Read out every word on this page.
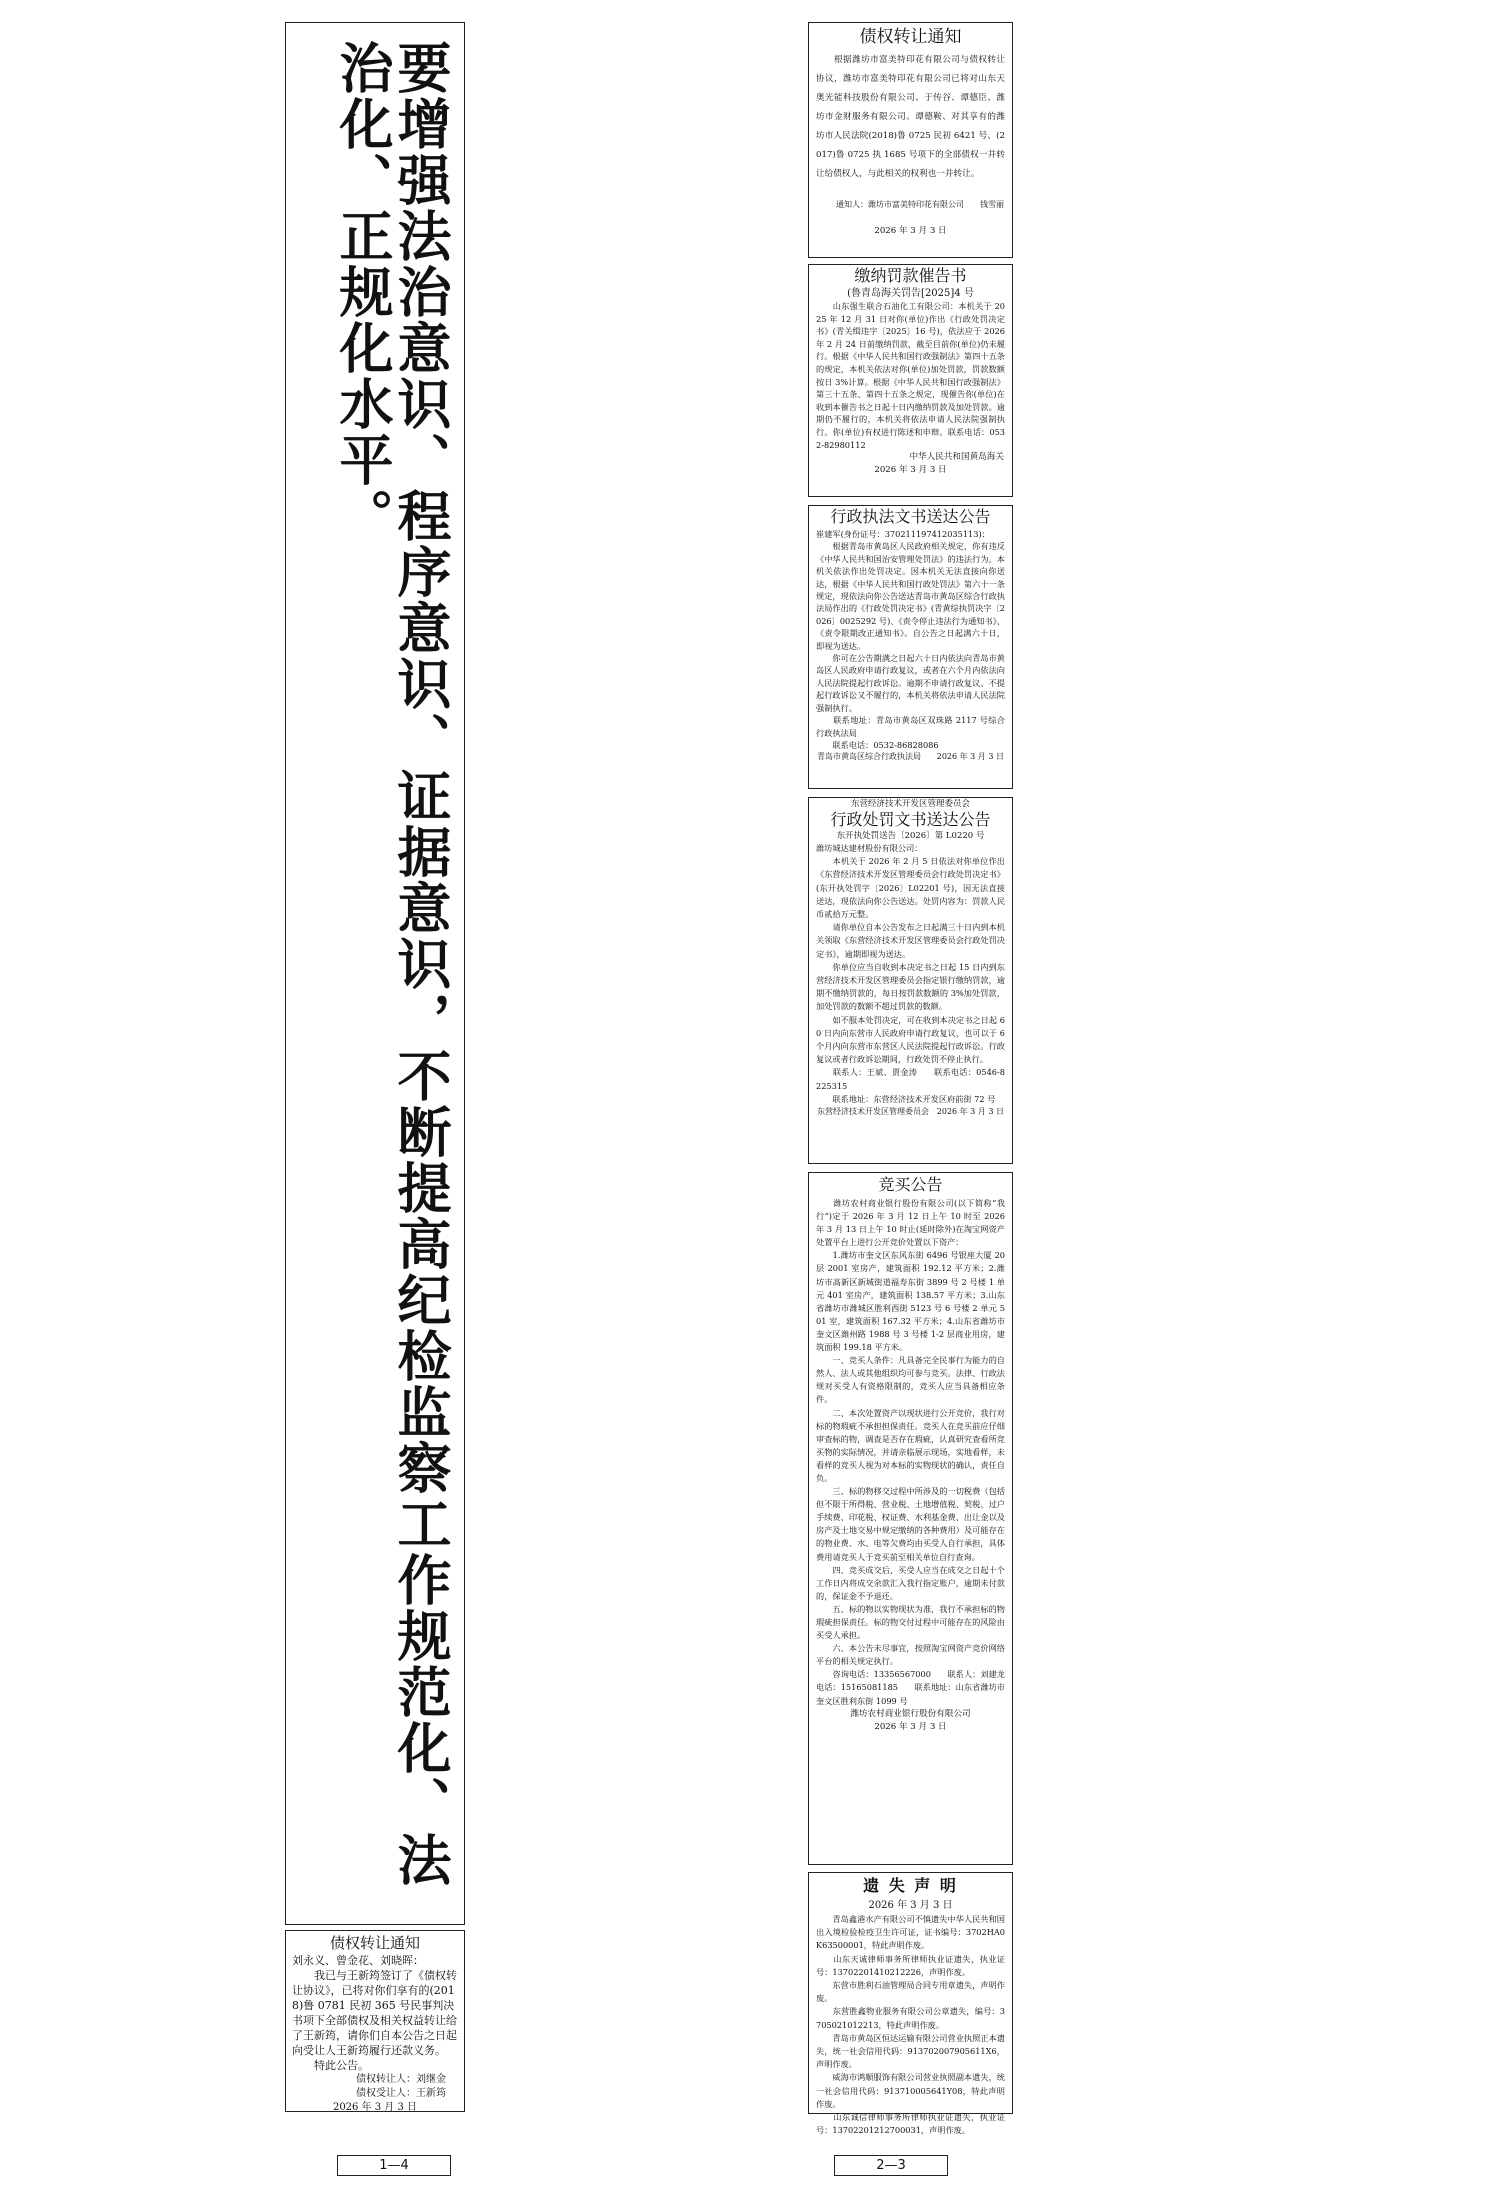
要增强法治意识、程序意识、证据意识，不断提高纪检监察工作规范化、法治化、正规化水平。
债权转让通知
刘永义、曾金花、刘晓晖：
　　我已与王新筠签订了《债权转让协议》，已将对你们享有的(2018)鲁 0781 民初 365 号民事判决书项下全部债权及相关权益转让给了王新筠，请你们自本公告之日起向受让人王新筠履行还款义务。
　　特此公告。
债权转让人：刘继金
债权受让人：王新筠
2026 年 3 月 3 日
债权转让通知
　　根据潍坊市富美特印花有限公司与债权转让协议，潍坊市富美特印花有限公司已将对山东天奥光能科技股份有限公司、于传谷、谭德臣、潍坊市金财服务有限公司、谭德鞍、对其享有的潍坊市人民法院(2018)鲁 0725 民初 6421 号、(2017)鲁 0725 执 1685 号项下的全部债权一并转让给债权人，与此相关的权利也一并转让。
通知人：潍坊市富美特印花有限公司　　钱雪丽
2026 年 3 月 3 日
缴纳罚款催告书
(鲁青岛海关罚告[2025]4 号
　　山东强生联合石油化工有限公司：本机关于 2025 年 12 月 31 日对你(单位)作出《行政处罚决定书》(青关缉违字〔2025〕16 号)，依法应于 2026 年 2 月 24 日前缴纳罚款，截至目前你(单位)仍未履行。根据《中华人民共和国行政强制法》第四十五条的规定，本机关依法对你(单位)加处罚款，罚款数额按日 3%计算。根据《中华人民共和国行政强制法》第三十五条、第四十五条之规定，现催告你(单位)在收到本催告书之日起十日内缴纳罚款及加处罚款。逾期仍不履行的，本机关将依法申请人民法院强制执行。你(单位)有权进行陈述和申辩。联系电话：0532-82980112
中华人民共和国黄岛海关
2026 年 3 月 3 日
行政执法文书送达公告
崔建军(身份证号：370211197412035113)：
　　根据青岛市黄岛区人民政府相关规定，你有违反《中华人民共和国治安管理处罚法》的违法行为，本机关依法作出处罚决定。因本机关无法直接向你送达，根据《中华人民共和国行政处罚法》第六十一条规定，现依法向你公告送达青岛市黄岛区综合行政执法局作出的《行政处罚决定书》(青黄综执罚决字〔2026〕0025292 号)、《责令停止违法行为通知书》、《责令限期改正通知书》。自公告之日起满六十日，即视为送达。
　　你可在公告期满之日起六十日内依法向青岛市黄岛区人民政府申请行政复议，或者在六个月内依法向人民法院提起行政诉讼。逾期不申请行政复议、不提起行政诉讼又不履行的，本机关将依法申请人民法院强制执行。
　　联系地址：青岛市黄岛区双珠路 2117 号综合行政执法局
　　联系电话：0532-86828086
青岛市黄岛区综合行政执法局 2026 年 3 月 3 日
东营经济技术开发区管理委员会
行政处罚文书送达公告
东开执处罚送告〔2026〕第 L0220 号
潍坊城达建材股份有限公司：
　　本机关于 2026 年 2 月 5 日依法对你单位作出《东营经济技术开发区管理委员会行政处罚决定书》(东开执处罚字〔2026〕L02201 号)，因无法直接送达，现依法向你公告送达。处罚内容为：罚款人民币贰拾万元整。
　　请你单位自本公告发布之日起满三十日内到本机关领取《东营经济技术开发区管理委员会行政处罚决定书》，逾期即视为送达。
　　你单位应当自收到本决定书之日起 15 日内到东营经济技术开发区管理委员会指定银行缴纳罚款，逾期不缴纳罚款的，每日按罚款数额的 3%加处罚款，加处罚款的数额不超过罚款的数额。
　　如不服本处罚决定，可在收到本决定书之日起 60 日内向东营市人民政府申请行政复议，也可以于 6 个月内向东营市东营区人民法院提起行政诉讼。行政复议或者行政诉讼期间，行政处罚不停止执行。
　　联系人：王斌、贾金涛　　联系电话：0546-8225315
　　联系地址：东营经济技术开发区府前街 72 号
东营经济技术开发区管理委员会 2026 年 3 月 3 日
竞买公告
　　潍坊农村商业银行股份有限公司(以下简称“我行”)定于 2026 年 3 月 12 日上午 10 时至 2026 年 3 月 13 日上午 10 时止(延时除外)在淘宝网资产处置平台上进行公开竞价处置以下资产：
　　1.潍坊市奎文区东风东街 6496 号银座大厦 20 层 2001 室房产，建筑面积 192.12 平方米；2.潍坊市高新区新城街道福寿东街 3899 号 2 号楼 1 单元 401 室房产，建筑面积 138.57 平方米；3.山东省潍坊市潍城区胜利西街 5123 号 6 号楼 2 单元 501 室，建筑面积 167.32 平方米；4.山东省潍坊市奎文区潍州路 1988 号 3 号楼 1-2 层商业用房，建筑面积 199.18 平方米。
　　一、竞买人条件：凡具备完全民事行为能力的自然人、法人或其他组织均可参与竞买。法律、行政法规对买受人有资格限制的，竞买人应当具备相应条件。
　　二、本次处置资产以现状进行公开竞价，我行对标的物瑕疵不承担担保责任。竞买人在竞买前应仔细审查标的物，调查是否存在瑕疵，认真研究查看所竞买物的实际情况，并请亲临展示现场，实地看样，未看样的竞买人视为对本标的实物现状的确认，责任自负。
　　三、标的物移交过程中所涉及的一切税费（包括但不限于所得税、营业税、土地增值税、契税、过户手续费、印花税、权证费、水利基金费、出让金以及房产及土地交易中规定缴纳的各种费用）及可能存在的物业费、水、电等欠费均由买受人自行承担，具体费用请竞买人于竞买前至相关单位自行查询。
　　四、竞买成交后，买受人应当在成交之日起十个工作日内将成交余款汇入我行指定账户，逾期未付款的，保证金不予退还。
　　五、标的物以实物现状为准，我行不承担标的物瑕疵担保责任。标的物交付过程中可能存在的风险由买受人承担。
　　六、本公告未尽事宜，按照淘宝网资产竞价网络平台的相关规定执行。
　　咨询电话：13356567000　　联系人：刘建龙　　电话：15165081185　　联系地址：山东省潍坊市奎文区胜利东街 1099 号
潍坊农村商业银行股份有限公司
2026 年 3 月 3 日
遗 失 声 明
2026 年 3 月 3 日
　　青岛鑫港水产有限公司不慎遗失中华人民共和国出入境检验检疫卫生许可证，证书编号：3702HA0K63500001，特此声明作废。
　　山东天诚律师事务所律师执业证遗失，执业证号：13702201410212226，声明作废。
　　东营市胜利石油管理局合同专用章遗失，声明作废。
　　东营胜鑫物业服务有限公司公章遗失，编号：3705021012213，特此声明作废。
　　青岛市黄岛区恒达运输有限公司营业执照正本遗失，统一社会信用代码：913702007905611X6，声明作废。
　　威海市鸿顺服饰有限公司营业执照副本遗失，统一社会信用代码：913710005641Y08，特此声明作废。
　　山东诚信律师事务所律师执业证遗失，执业证号：13702201212700031，声明作废。
1—4	2—3
